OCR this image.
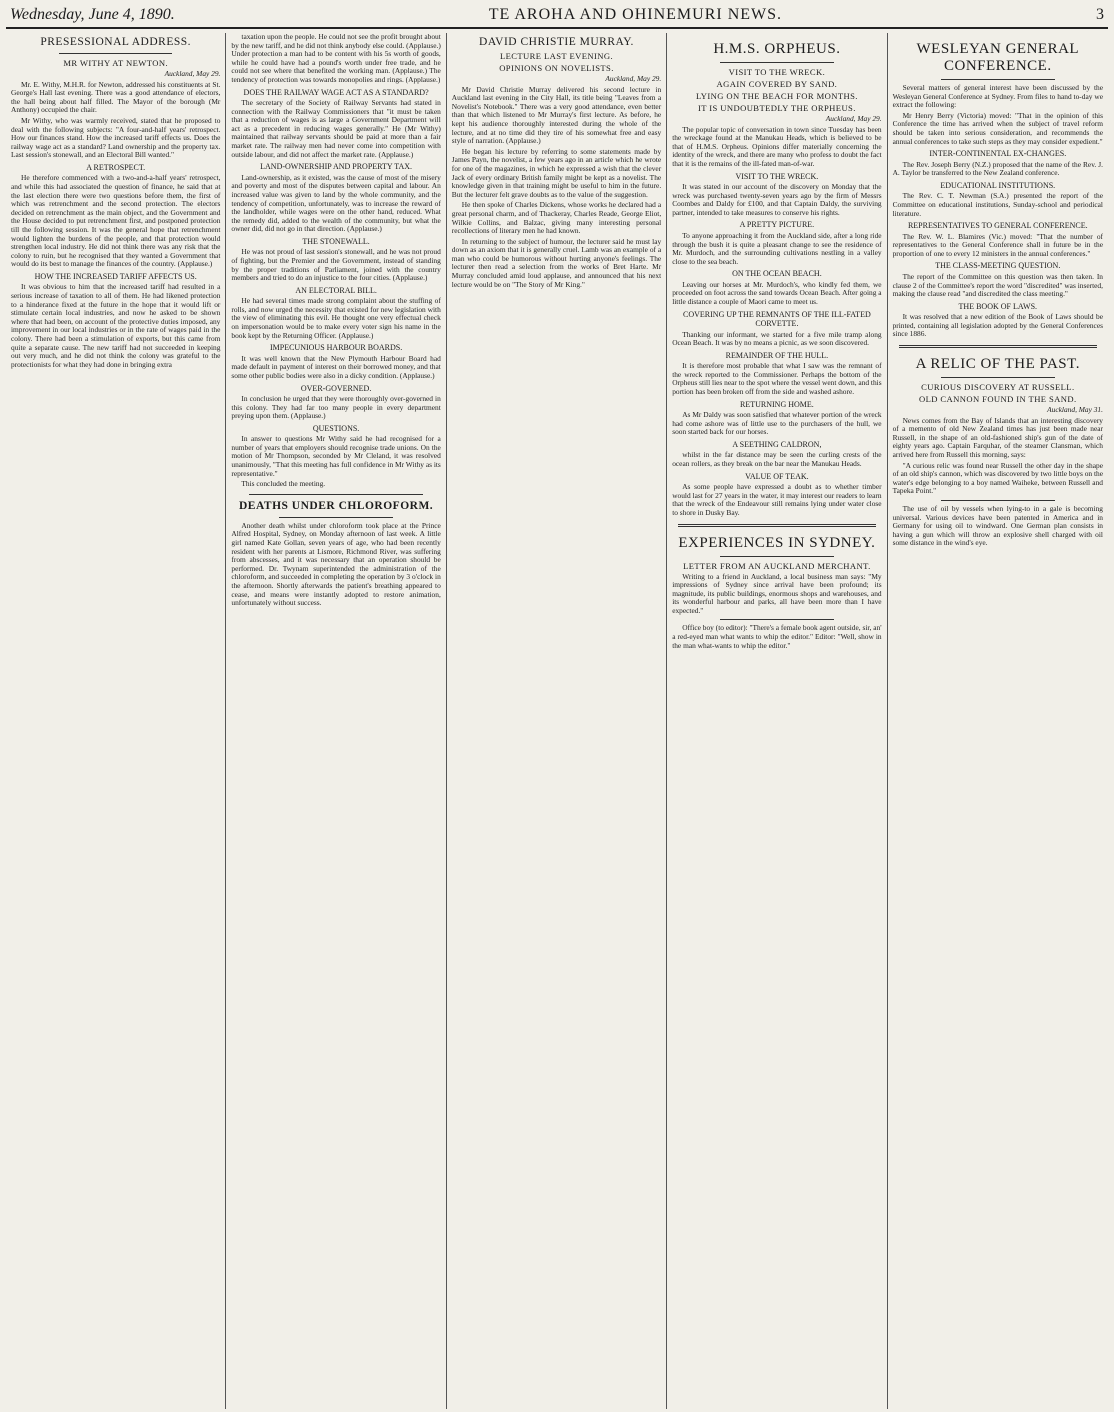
Wednesday, June 4, 1890.	TE AROHA AND OHINEMURI NEWS.	3
PRESESSIONAL ADDRESS.
MR WITHY AT NEWTON.
Auckland, May 29.

Mr. E. Withy, M.H.R. for Newton, addressed his constituents at St. George's Hall last evening. There was a good attendance of electors, the hall being about half filled. The Mayor of the borough (Mr Anthony) occupied the chair.

Mr Withy, who was warmly received, stated that he proposed to deal with the following subjects: "A four-and-half years' retrospect. How our finances stand. How the increased tariff effects us. Does the railway wage act as a standard? Land ownership and the property tax. Last session's stonewall, and an Electoral Bill wanted."

A RETROSPECT.

He therefore commenced with a two-and-a-half years' retrospect, and while this had associated the question of finance, he said that at the last election there were two questions before them, the first of which was retrenchment and the second protection. The electors decided on retrenchment as the main object, and the Government and the House decided to put retrenchment first, and postponed protection till the following session. It was the general hope that retrenchment would lighten the burdens of the people, and that protection would strengthen local industry. He did not think there was any risk that the colony to ruin, but he recognised that they wanted a Government that would do its best to manage the finances of the country. (Applause.)

HOW THE INCREASED TARIFF AFFECTS US.

It was obvious to him that the increased tariff had resulted in a serious increase of taxation to all of them. He had likened protection to a hinderance fixed at the future in the hope that it would lift or stimulate certain local industries, and now he asked to be shown where that had been, on account of the protective duties imposed, any improvement in our local industries or in the rate of wages paid in the colony. There had been a stimulation of exports, but this came from quite a separate cause. The new tariff had not succeeded in keeping out very much, and he did not think the colony was grateful to the protectionists for what they had done in bringing extra

taxation upon the people. He could not see the profit brought about by the new tariff, and he did not think anybody else could. (Applause.) Under protection a man had to be content with his 5s worth of goods, while he could have had a pound's worth under free trade, and he could not see where that benefited the working man. (Applause.) The tendency of protection was towards monopolies and rings. (Applause.)

DOES THE RAILWAY WAGE ACT AS A STANDARD?

The secretary of the Society of Railway Servants had stated in connection with the Railway Commissioners that "it must be taken that a reduction of wages is as large a Government Department will act as a precedent in reducing wages generally." He (Mr Withy) maintained that railway servants should be paid at more than a fair market rate. The railway men had never come into competition with outside labour, and did not affect the market rate. (Applause.)

LAND-OWNERSHIP AND PROPERTY TAX.

Land-ownership, as it existed, was the cause of most of the misery and poverty and most of the disputes between capital and labour. An increased value was given to land by the whole community, and the tendency of competition, unfortunately, was to increase the reward of the landholder, while wages were on the other hand, reduced. What the remedy did, added to the wealth of the community, but what the owner did, did not go in that direction. (Applause.)

THE STONEWALL.

He was not proud of last session's stonewall, and he was not proud of fighting, but the Premier and the Government, instead of standing by the proper traditions of Parliament, joined with the country members and tried to do an injustice to the four cities. (Applause.)

AN ELECTORAL BILL.

He had several times made strong complaint about the stuffing of rolls, and now urged the necessity that existed for new legislation with the view of eliminating this evil. He thought one very effectual check on impersonation would be to make every voter sign his name in the book kept by the Returning Officer. (Applause.)

IMPECUNIOUS HARBOUR BOARDS.

It was well known that the New Plymouth Harbour Board had made default in payment of interest on their borrowed money, and that some other public bodies were also in a dicky condition. (Applause.)

OVER-GOVERNED.

In conclusion he urged that they were thoroughly over-governed in this colony. They had far too many people in every department preying upon them. (Applause.)

QUESTIONS.

In answer to questions Mr Withy said he had recognised for a number of years that employers should recognise trade unions. On the motion of Mr Thompson, seconded by Mr Cleland, it was resolved unanimously, "That this meeting has full confidence in Mr Withy as its representative."

This concluded the meeting.

DEATHS UNDER CHLOROFORM.

Another death whilst under chloroform took place at the Prince Alfred Hospital, Sydney, on Monday afternoon of last week. A little girl named Kate Gollan, seven years of age, who had been recently resident with her parents at Lismore, Richmond River, was suffering from abscesses, and it was necessary that an operation should be performed. Dr. Twynam superintended the administration of the chloroform, and succeeded in completing the operation by 3 o'clock in the afternoon. Shortly afterwards the patient's breathing appeared to cease, and means were instantly adopted to restore animation, unfortunately without success.

DAVID CHRISTIE MURRAY.
LECTURE LAST EVENING.
OPINIONS ON NOVELISTS.
Auckland, May 29.

Mr David Christie Murray delivered his second lecture in Auckland last evening in the City Hall, its title being "Leaves from a Novelist's Notebook." There was a very good attendance, even better than that which listened to Mr Murray's first lecture. As before, he kept his audience thoroughly interested during the whole of the lecture, and at no time did they tire of his somewhat free and easy style of narration. (Applause.)

He began his lecture by referring to some statements made by James Payn, the novelist, a few years ago in an article which he wrote for one of the magazines, in which he expressed a wish that the clever Jack of every ordinary British family might be kept as a novelist. The knowledge given in that training might be useful to him in the future. But the lecturer felt grave doubts as to the value of the suggestion.

He then spoke of Charles Dickens, whose works he declared had a great personal charm, and of Thackeray, Charles Reade, George Eliot, Wilkie Collins, and Balzac, giving many interesting personal recollections of literary men he had known.

In returning to the subject of humour, the lecturer said he must lay down as an axiom that it is generally cruel. Lamb was an example of a man who could be humorous without hurting anyone's feelings. The lecturer then read a selection from the works of Bret Harte. Mr Murray concluded amid loud applause, and announced that his next lecture would be on "The Story of Mr King."

H.M.S. ORPHEUS.
VISIT TO THE WRECK.
AGAIN COVERED BY SAND.
LYING ON THE BEACH FOR MONTHS.
IT IS UNDOUBTEDLY THE ORPHEUS.
Auckland, May 29.

The popular topic of conversation in town since Tuesday has been the wreckage found at the Manukau Heads, which is believed to be that of H.M.S. Orpheus. Opinions differ materially concerning the identity of the wreck, and there are many who profess to doubt the fact that it is the remains of the ill-fated man-of-war.

VISIT TO THE WRECK.

It was stated in our account of the discovery on Monday that the wreck was purchased twenty-seven years ago by the firm of Messrs Coombes and Daldy for £100, and that Captain Daldy, the surviving partner, intended to take measures to conserve his rights.

A PRETTY PICTURE.

To anyone approaching it from the Auckland side, after a long ride through the bush it is quite a pleasant change to see the residence of Mr. Murdoch, and the surrounding cultivations nestling in a valley close to the sea beach.

ON THE OCEAN BEACH.

Leaving our horses at Mr. Murdoch's, who kindly fed them, we proceeded on foot across the sand towards Ocean Beach. After going a little distance a couple of Maori came to meet us.

COVERING UP THE REMNANTS OF THE ILL-FATED CORVETTE.

Thanking our informant, we started for a five mile tramp along Ocean Beach. It was by no means a picnic, as we soon discovered.

REMAINDER OF THE HULL.

It is therefore most probable that what I saw was the remnant of the wreck reported to the Commissioner. Perhaps the bottom of the Orpheus still lies near to the spot where the vessel went down, and this portion has been broken off from the side and washed ashore.

RETURNING HOME.

As Mr Daldy was soon satisfied that whatever portion of the wreck had come ashore was of little use to the purchasers of the hull, we soon started back for our horses.

A SEETHING CALDRON,

whilst in the far distance may be seen the curling crests of the ocean rollers, as they break on the bar near the Manukau Heads.

VALUE OF TEAK.

As some people have expressed a doubt as to whether timber would last for 27 years in the water, it may interest our readers to learn that the wreck of the Endeavour still remains lying under water close to shore in Dusky Bay.

EXPERIENCES IN SYDNEY.
LETTER FROM AN AUCKLAND MERCHANT.

Writing to a friend in Auckland, a local business man says: "My impressions of Sydney since arrival have been profound; its magnitude, its public buildings, enormous shops and warehouses, and its wonderful harbour and parks, all have been more than I have expected."

Office boy (to editor): "There's a female book agent outside, sir, an' a red-eyed man what wants to whip the editor." Editor: "Well, show in the man what-wants to whip the editor."

WESLEYAN GENERAL CONFERENCE.

Several matters of general interest have been discussed by the Wesleyan General Conference at Sydney. From files to hand to-day we extract the following:

Mr Henry Berry (Victoria) moved: "That in the opinion of this Conference the time has arrived when the subject of travel reform should be taken into serious consideration, and recommends the annual conferences to take such steps as they may consider expedient."

INTER-CONTINENTAL EX-CHANGES.

The Rev. Joseph Berry (N.Z.) proposed that the name of the Rev. J. A. Taylor be transferred to the New Zealand conference.

EDUCATIONAL INSTITUTIONS.

The Rev. C. T. Newman (S.A.) presented the report of the Committee on educational institutions, Sunday-school and periodical literature.

REPRESENTATIVES TO GENERAL CONFERENCE.

The Rev. W. L. Blamires (Vic.) moved: "That the number of representatives to the General Conference shall in future be in the proportion of one to every 12 ministers in the annual conferences."

THE CLASS-MEETING QUESTION.

The report of the Committee on this question was then taken. In clause 2 of the Committee's report the word "discredited" was inserted, making the clause read "and discredited the class meeting."

THE BOOK OF LAWS.

It was resolved that a new edition of the Book of Laws should be printed, containing all legislation adopted by the General Conferences since 1886.

A RELIC OF THE PAST.
CURIOUS DISCOVERY AT RUSSELL.
OLD CANNON FOUND IN THE SAND.
Auckland, May 31.

News comes from the Bay of Islands that an interesting discovery of a memento of old New Zealand times has just been made near Russell, in the shape of an old-fashioned ship's gun of the date of eighty years ago. Captain Farquhar, of the steamer Clansman, which arrived here from Russell this morning, says:

"A curious relic was found near Russell the other day in the shape of an old ship's cannon, which was discovered by two little boys on the water's edge belonging to a boy named Waiheke, between Russell and Tapeka Point."

The use of oil by vessels when lying-to in a gale is becoming universal. Various devices have been patented in America and in Germany for using oil to windward. One German plan consists in having a gun which will throw an explosive shell charged with oil some distance in the wind's eye.
